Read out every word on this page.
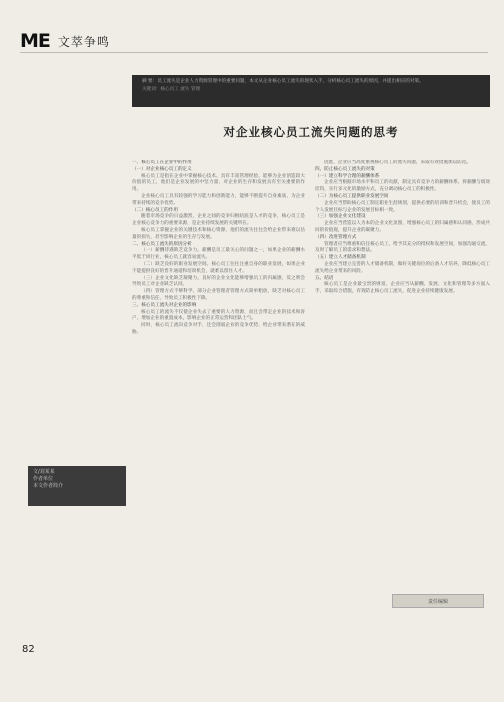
ME 文萃争鸣

摘 要：员工流失是企业人力资源管理中的重要问题，本文从企业核心员工流失的现状入手，分析核心员工流失的原因，并提出相应的对策。

关键词：核心员工 流失 管理

对企业核心员工流失问题的思考

文/刘某某

作者单位

本文作者简介

一、核心员工在企业中的作用

（一）对企业核心员工的定义

核心员工是指在企业中掌握核心技术、具有丰富管理经验、能够为企业创造较大价值的员工，他们是企业发展的中坚力量，对企业的生存和发展具有至关重要的作用。

企业核心员工具有较强的学习能力和创新能力，能够不断提升自身素质，为企业带来持续的竞争优势。

（二）核心员工的作用

随着市场竞争的日益激烈，企业之间的竞争归根结底是人才的竞争，核心员工是企业核心竞争力的重要来源，是企业持续发展的关键所在。

核心员工掌握企业的关键技术和核心资源，他们的流失往往会给企业带来难以估量的损失，甚至影响企业的生存与发展。

二、核心员工流失的原因分析

（一）薪酬待遇缺乏竞争力。薪酬是员工最关心的问题之一，如果企业的薪酬水平低于同行业，核心员工就容易流失。

（二）缺乏良好的职业发展空间。核心员工往往注重自身的职业发展，如果企业不能提供良好的晋升通道和培训机会，就难以留住人才。

（三）企业文化缺乏凝聚力。良好的企业文化能够增强员工的归属感，反之则会导致员工对企业缺乏认同。

（四）管理方式不够科学。部分企业管理者管理方式简单粗放，缺乏对核心员工的尊重和信任，导致员工积极性下降。

三、核心员工流失对企业的影响

核心员工的流失不仅使企业失去了重要的人力资源，而且会带走企业的技术和客户，增加企业的重置成本，影响企业的正常运营和团队士气。

同时，核心员工流向竞争对手，还会削弱企业的竞争优势，给企业带来潜在的威胁。

因此，企业应当高度重视核心员工的流失问题，采取有效措施加以防范。

四、防止核心员工流失的对策

（一）建立科学合理的薪酬体系

企业应当根据市场水平和员工的贡献，制定具有竞争力的薪酬体系，将薪酬与绩效挂钩，实行多元化的激励方式，充分调动核心员工的积极性。

（二）为核心员工提供职业发展空间

企业应当帮助核心员工制定职业生涯规划，提供必要的培训和晋升机会，使员工的个人发展目标与企业的发展目标相一致。

（三）加强企业文化建设

企业应当营造以人为本的企业文化氛围，增强核心员工的归属感和认同感，形成共同的价值观，提升企业的凝聚力。

（四）改进管理方式

管理者应当尊重和信任核心员工，给予其充分的授权和发展空间，加强沟通交流，及时了解员工的需求和想法。

（五）建立人才储备机制

企业应当建立完善的人才储备机制，做好关键岗位的后备人才培养，降低核心员工流失给企业带来的风险。

五、结语

核心员工是企业最宝贵的财富，企业应当从薪酬、发展、文化和管理等多方面入手，采取综合措施，有效防止核心员工流失，促进企业持续健康发展。

责任编辑
82
